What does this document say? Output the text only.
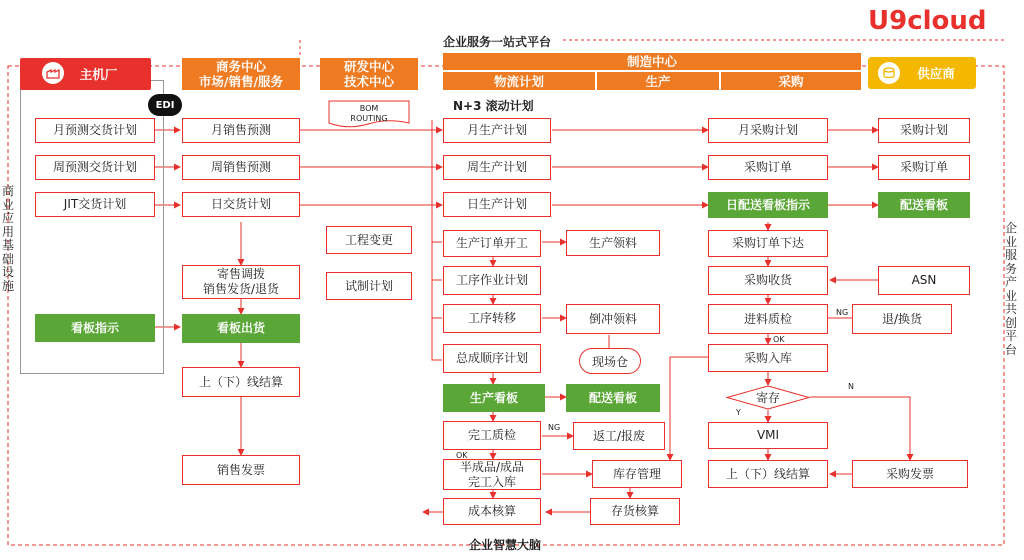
U9cloud
企业服务一站式平台
企业智慧大脑
商业应用基础设施
企业服务产业共创平台
主机厂
EDI
商务中心
市场/销售/服务
研发中心
技术中心
制造中心
物流计划	生产	采购
供应商
BOM
ROUTING
N+3 滚动计划
月预测交货计划
周预测交货计划
JIT交货计划
看板指示
月销售预测
周销售预测
日交货计划
寄售调拨
销售发货/退货
看板出货
上（下）线结算
销售发票
工程变更
试制计划
月生产计划
周生产计划
日生产计划
生产订单开工
工序作业计划
工序转移
总成顺序计划
生产看板
完工质检
半成品/成品
完工入库
成本核算
生产领料
倒冲领料
现场仓
配送看板
返工/报废
库存管理
存货核算
月采购计划
采购订单
日配送看板指示
采购订单下达
采购收货
进料质检
采购入库
寄存
VMI
上（下）线结算
采购计划
采购订单
配送看板
ASN
退/换货
采购发票
NG
NG
N
OK
OK
Y
